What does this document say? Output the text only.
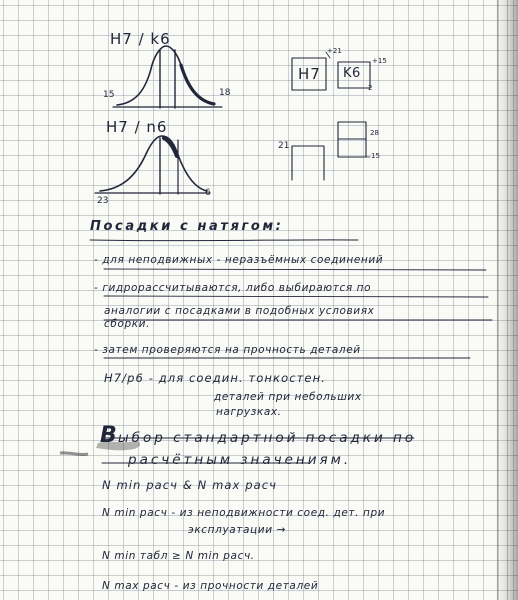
H7 / k6
15	18
H7 / n6
23
6
H7 K6
+21
+15
2
21
28
15
Посадки с натягом:
- для неподвижных - неразъёмных соединений
- гидрорассчитываются, либо выбираются по
аналогии с посадками в подобных условиях
сборки.
- затем проверяются на прочность деталей
H7/p6 - для соедин. тонкостен.
деталей при небольших
нагрузках.
В ыбор стандартной посадки по
расчётным значениям.
N min расч & N max расч
N min расч - из неподвижности соед. дет. при
эксплуатации →
N min табл ≥ N min расч.
N max расч - из прочности деталей
